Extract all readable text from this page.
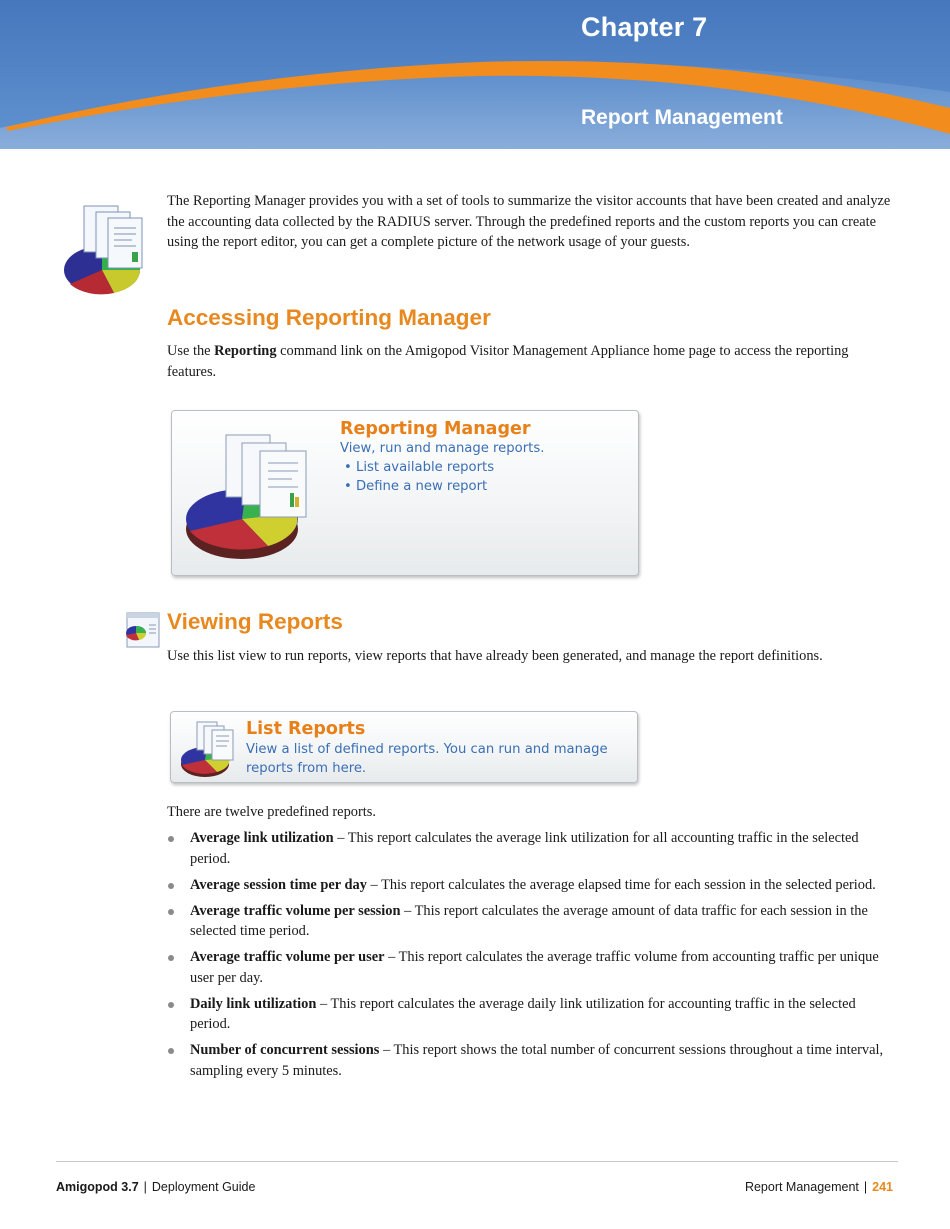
Chapter 7
Report Management

The Reporting Manager provides you with a set of tools to summarize the visitor accounts that have been created and analyze the accounting data collected by the RADIUS server. Through the predefined reports and the custom reports you can create using the report editor, you can get a complete picture of the network usage of your guests.

Accessing Reporting Manager

Use the Reporting command link on the Amigopod Visitor Management Appliance home page to access the reporting features.

Reporting Manager

View, run and manage reports.

• List available reports
• Define a new report
Viewing Reports

Use this list view to run reports, view reports that have already been generated, and manage the report definitions.

List Reports

View a list of defined reports. You can run and manage reports from here.

There are twelve predefined reports.

Average link utilization – This report calculates the average link utilization for all accounting traffic in the selected period.
Average session time per day – This report calculates the average elapsed time for each session in the selected period.
Average traffic volume per session – This report calculates the average amount of data traffic for each session in the selected time period.
Average traffic volume per user – This report calculates the average traffic volume from accounting traffic per unique user per day.
Daily link utilization – This report calculates the average daily link utilization for accounting traffic in the selected period.
Number of concurrent sessions – This report shows the total number of concurrent sessions throughout a time interval, sampling every 5 minutes.

Amigopod 3.7 | Deployment Guide	Report Management | 241
